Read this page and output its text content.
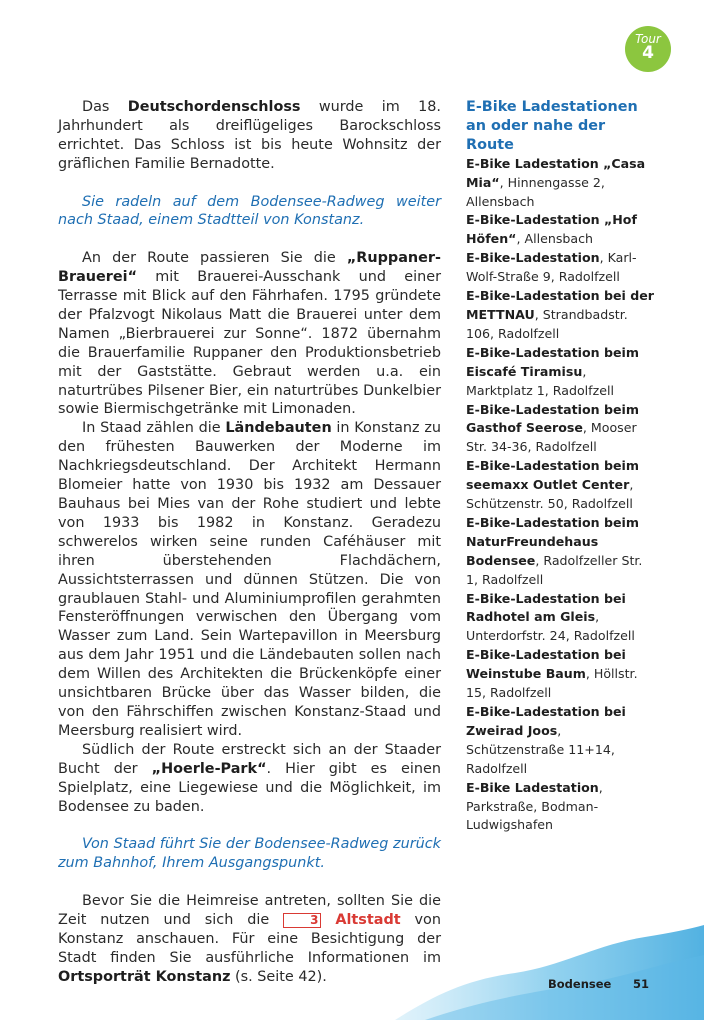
Tour
4

Das Deutschordenschloss wurde im 18. Jahrhundert als dreiflügeliges Barockschloss errichtet. Das Schloss ist bis heute Wohnsitz der gräflichen Familie Bernadotte.

Sie radeln auf dem Bodensee-Radweg weiter nach Staad, einem Stadtteil von Konstanz.

An der Route passieren Sie die „Ruppaner-Brauerei“ mit Brauerei-Ausschank und einer Terrasse mit Blick auf den Fährhafen. 1795 gründete der Pfalzvogt Nikolaus Matt die Brauerei unter dem Namen „Bierbrauerei zur Sonne“. 1872 übernahm die Brauerfamilie Ruppaner den Produktionsbetrieb mit der Gaststätte. Gebraut werden u.a. ein naturtrübes Pilsener Bier, ein naturtrübes Dunkelbier sowie Biermischgetränke mit Limonaden.

In Staad zählen die Ländebauten in Konstanz zu den frühesten Bauwerken der Moderne im Nachkriegsdeutschland. Der Architekt Hermann Blomeier hatte von 1930 bis 1932 am Dessauer Bauhaus bei Mies van der Rohe studiert und lebte von 1933 bis 1982 in Konstanz. Geradezu schwerelos wirken seine runden Caféhäuser mit ihren überstehenden Flachdächern, Aussichtsterrassen und dünnen Stützen. Die von graublauen Stahl- und Aluminiumprofilen gerahmten Fensteröffnungen verwischen den Übergang vom Wasser zum Land. Sein Wartepavillon in Meersburg aus dem Jahr 1951 und die Ländebauten sollen nach dem Willen des Architekten die Brückenköpfe einer unsichtbaren Brücke über das Wasser bilden, die von den Fährschiffen zwischen Konstanz-Staad und Meersburg realisiert wird.

Südlich der Route erstreckt sich an der Staader Bucht der „Hoerle-Park“. Hier gibt es einen Spielplatz, eine Liegewiese und die Möglichkeit, im Bodensee zu baden.

Von Staad führt Sie der Bodensee-Radweg zurück zum Bahnhof, Ihrem Ausgangspunkt.

Bevor Sie die Heimreise antreten, sollten Sie die Zeit nutzen und sich die 3 Altstadt von Konstanz anschauen. Für eine Besichtigung der Stadt finden Sie ausführliche Informationen im Ortsporträt Konstanz (s. Seite 42).

E-Bike Ladestationen an oder nahe der Route

E-Bike Ladestation „Casa Mia“, Hinnengasse 2, Allensbach

E-Bike-Ladestation „Hof Höfen“, Allensbach

E-Bike-Ladestation, Karl-Wolf-Straße 9, Radolfzell

E-Bike-Ladestation bei der METTNAU, Strandbadstr. 106, Radolfzell

E-Bike-Ladestation beim Eiscafé Tiramisu, Marktplatz 1, Radolfzell

E-Bike-Ladestation beim Gasthof Seerose, Mooser Str. 34-36, Radolfzell

E-Bike-Ladestation beim seemaxx Outlet Center, Schützenstr. 50, Radolfzell

E-Bike-Ladestation beim NaturFreundehaus Bodensee, Radolfzeller Str. 1, Radolfzell

E-Bike-Ladestation bei Radhotel am Gleis, Unterdorfstr. 24, Radolfzell

E-Bike-Ladestation bei Weinstube Baum, Höllstr. 15, Radolfzell

E-Bike-Ladestation bei Zweirad Joos, Schützenstraße 11+14, Radolfzell

E-Bike Ladestation, Parkstraße, Bodman-Ludwigshafen

Bodensee 51
